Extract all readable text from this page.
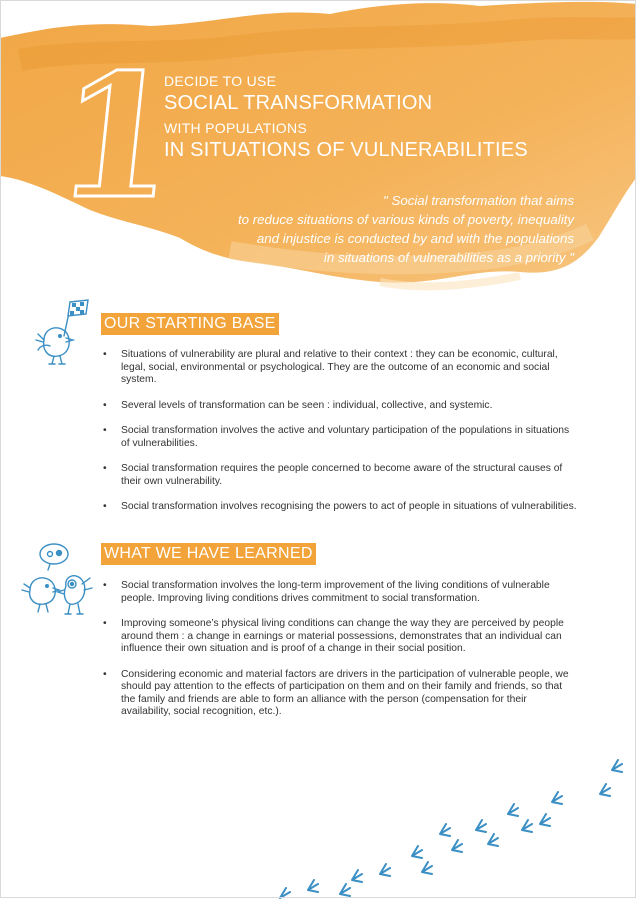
1
DECIDE TO USE
SOCIAL TRANSFORMATION
WITH POPULATIONS
IN SITUATIONS OF VULNERABILITIES
" Social transformation that aims
to reduce situations of various kinds of poverty, inequality
and injustice is conducted by and with the populations
in situations of vulnerabilities as a priority "
OUR STARTING BASE
• Situations of vulnerability are plural and relative to their context : they can be economic, cultural, legal, social, environmental or psychological. They are the outcome of an economic and social system.
• Several levels of transformation can be seen : individual, collective, and systemic.
• Social transformation involves the active and voluntary participation of the populations in situations of vulnerabilities.
• Social transformation requires the people concerned to become aware of the structural causes of their own vulnerability.
• Social transformation involves recognising the powers to act of people in situations of vulnerabilities.
WHAT WE HAVE LEARNED
• Social transformation involves the long-term improvement of the living conditions of vulnerable people. Improving living conditions drives commitment to social transformation.
• Improving someone’s physical living conditions can change the way they are perceived by people around them : a change in earnings or material possessions, demonstrates that an individual can influence their own situation and is proof of a change in their social position.
• Considering economic and material factors are drivers in the participation of vulnerable people, we should pay attention to the effects of participation on them and on their family and friends, so that the family and friends are able to form an alliance with the person (compensation for their availability, social recognition, etc.).
